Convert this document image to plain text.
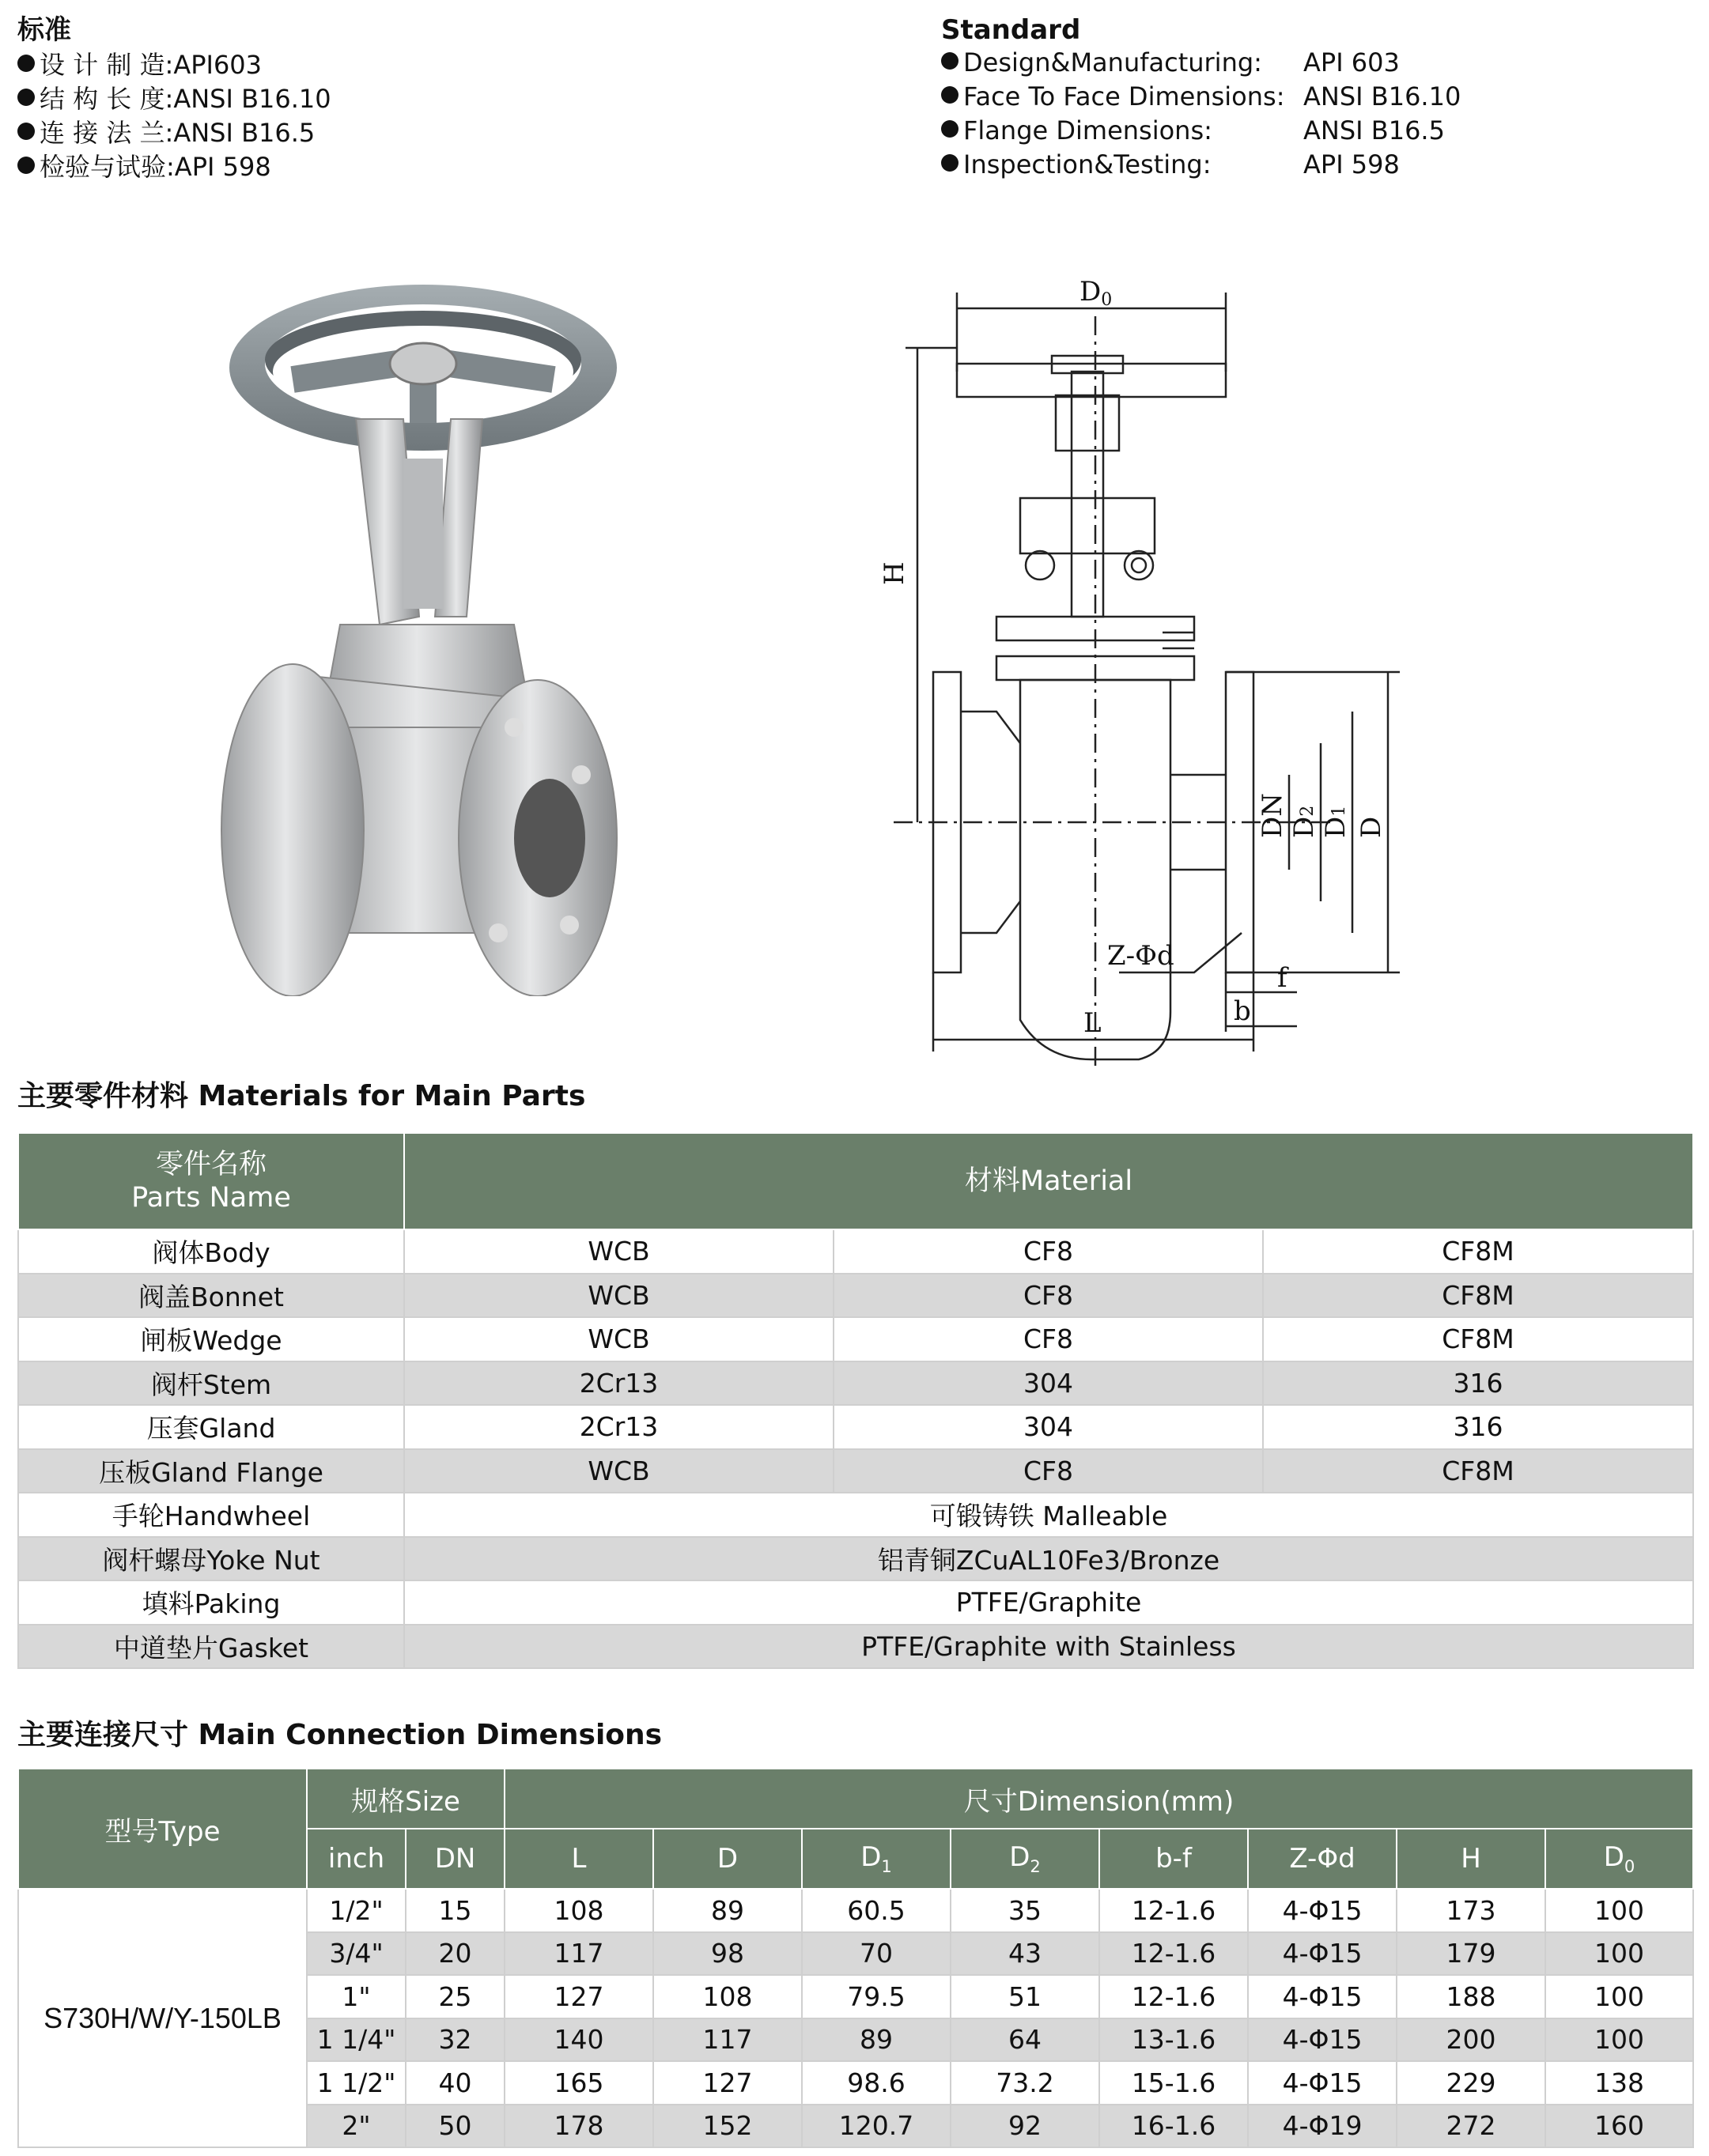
标准
设 计 制 造:API603
结 构 长 度:ANSI B16.10
连 接 法 兰:ANSI B16.5
检验与试验:API 598
Standard
Design&Manufacturing: API 603
Face To Face Dimensions: ANSI B16.10
Flange Dimensions:	ANSI B16.5
Inspection&Testing:	API 598
D0
H
DN D2
D1
D
Z-Φd
f
b
L
主要零件材料 Materials for Main Parts
零件名称
Parts Name	材料Material		
阀体Body	WCB	CF8	CF8M
阀盖Bonnet	WCB	CF8	CF8M
闸板Wedge	WCB	CF8	CF8M
阀杆Stem	2Cr13	304	316
压套Gland	2Cr13	304	316
压板Gland Flange	WCB	CF8	CF8M
手轮Handwheel	可锻铸铁 Malleable		
阀杆螺母Yoke Nut	铝青铜ZCuAL10Fe3/Bronze		
填料Paking	PTFE/Graphite		
中道垫片Gasket	PTFE/Graphite with Stainless		
主要连接尺寸 Main Connection Dimensions
型号Type	规格Size		尺寸Dimension(mm)							
	inch	DN	L	D	$D_1$	$D_2$	b-f	Z-Φd	H	$D_0$
S730H/W/Y-150LB	1/2"	15	108	89	60.5	35	12-1.6	4-Φ15	173	100
	3/4"	20	117	98	70	43	12-1.6	4-Φ15	179	100
	1"	25	127	108	79.5	51	12-1.6	4-Φ15	188	100
	1 1/4"	32	140	117	89	64	13-1.6	4-Φ15	200	100
	1 1/2"	40	165	127	98.6	73.2	15-1.6	4-Φ15	229	138
	2"	50	178	152	120.7	92	16-1.6	4-Φ19	272	160
